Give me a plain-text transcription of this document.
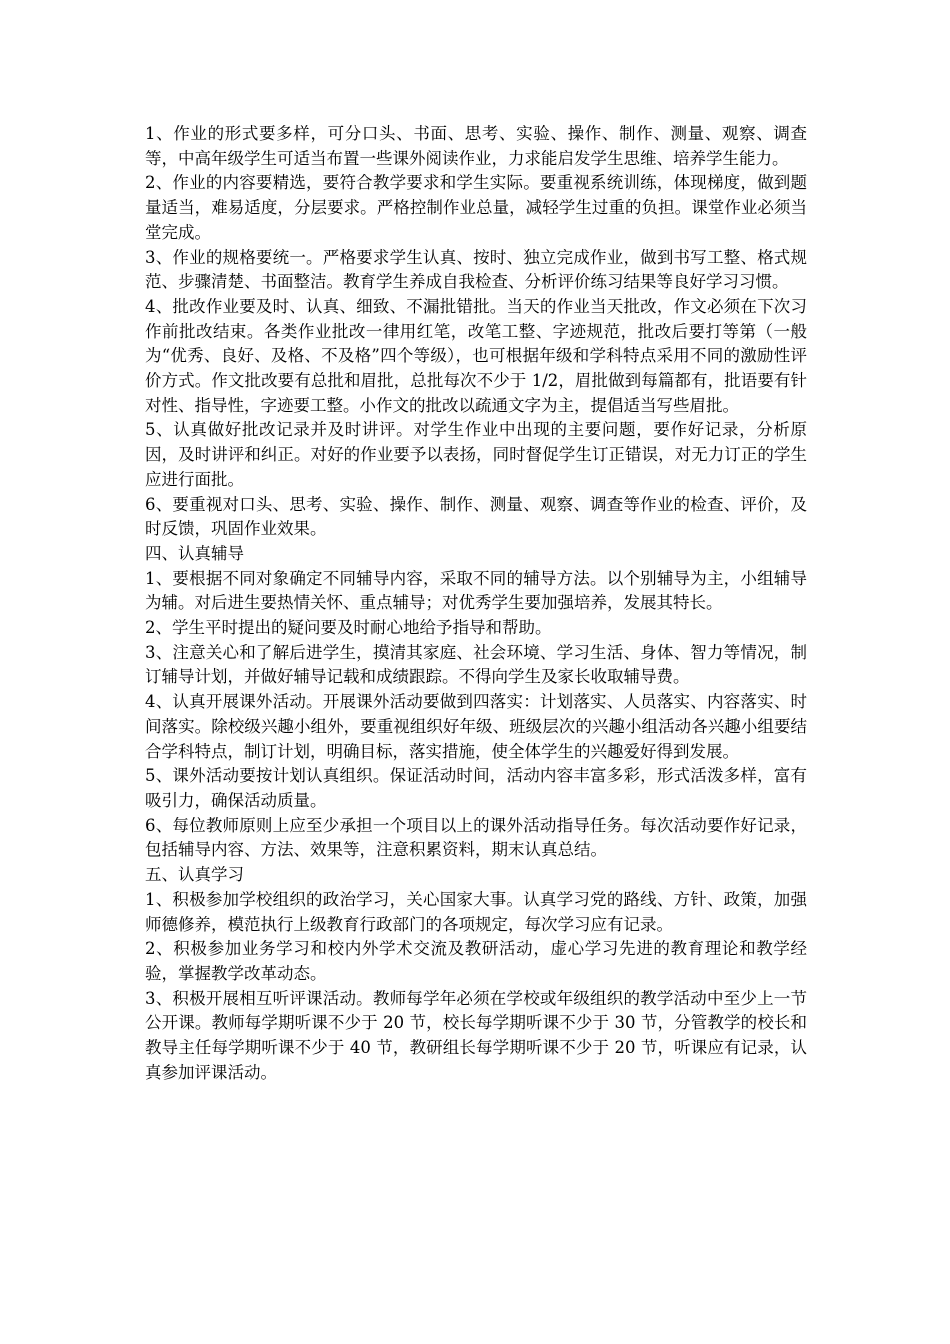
1、作业的形式要多样，可分口头、书面、思考、实验、操作、制作、测量、观察、调查等，中高年级学生可适当布置一些课外阅读作业，力求能启发学生思维、培养学生能力。

2、作业的内容要精选，要符合教学要求和学生实际。要重视系统训练，体现梯度，做到题量适当，难易适度，分层要求。严格控制作业总量，减轻学生过重的负担。课堂作业必须当堂完成。

3、作业的规格要统一。严格要求学生认真、按时、独立完成作业，做到书写工整、格式规范、步骤清楚、书面整洁。教育学生养成自我检查、分析评价练习结果等良好学习习惯。

4、批改作业要及时、认真、细致、不漏批错批。当天的作业当天批改，作文必须在下次习作前批改结束。各类作业批改一律用红笔，改笔工整、字迹规范，批改后要打等第（一般为“优秀、良好、及格、不及格”四个等级），也可根据年级和学科特点采用不同的激励性评价方式。作文批改要有总批和眉批，总批每次不少于 1/2，眉批做到每篇都有，批语要有针对性、指导性，字迹要工整。小作文的批改以疏通文字为主，提倡适当写些眉批。

5、认真做好批改记录并及时讲评。对学生作业中出现的主要问题，要作好记录，分析原因，及时讲评和纠正。对好的作业要予以表扬，同时督促学生订正错误，对无力订正的学生应进行面批。

6、要重视对口头、思考、实验、操作、制作、测量、观察、调查等作业的检查、评价，及时反馈，巩固作业效果。

四、认真辅导

1、要根据不同对象确定不同辅导内容，采取不同的辅导方法。以个别辅导为主，小组辅导为辅。对后进生要热情关怀、重点辅导；对优秀学生要加强培养，发展其特长。

2、学生平时提出的疑问要及时耐心地给予指导和帮助。

3、注意关心和了解后进学生，摸清其家庭、社会环境、学习生活、身体、智力等情况，制订辅导计划，并做好辅导记载和成绩跟踪。不得向学生及家长收取辅导费。

4、认真开展课外活动。开展课外活动要做到四落实：计划落实、人员落实、内容落实、时间落实。除校级兴趣小组外，要重视组织好年级、班级层次的兴趣小组活动各兴趣小组要结合学科特点，制订计划，明确目标，落实措施，使全体学生的兴趣爱好得到发展。

5、课外活动要按计划认真组织。保证活动时间，活动内容丰富多彩，形式活泼多样，富有吸引力，确保活动质量。

6、每位教师原则上应至少承担一个项目以上的课外活动指导任务。每次活动要作好记录，包括辅导内容、方法、效果等，注意积累资料，期末认真总结。

五、认真学习

1、积极参加学校组织的政治学习，关心国家大事。认真学习党的路线、方针、政策，加强师德修养，模范执行上级教育行政部门的各项规定，每次学习应有记录。

2、积极参加业务学习和校内外学术交流及教研活动，虚心学习先进的教育理论和教学经验，掌握教学改革动态。

3、积极开展相互听评课活动。教师每学年必须在学校或年级组织的教学活动中至少上一节公开课。教师每学期听课不少于 20 节，校长每学期听课不少于 30 节，分管教学的校长和教导主任每学期听课不少于 40 节，教研组长每学期听课不少于 20 节，听课应有记录，认真参加评课活动。
